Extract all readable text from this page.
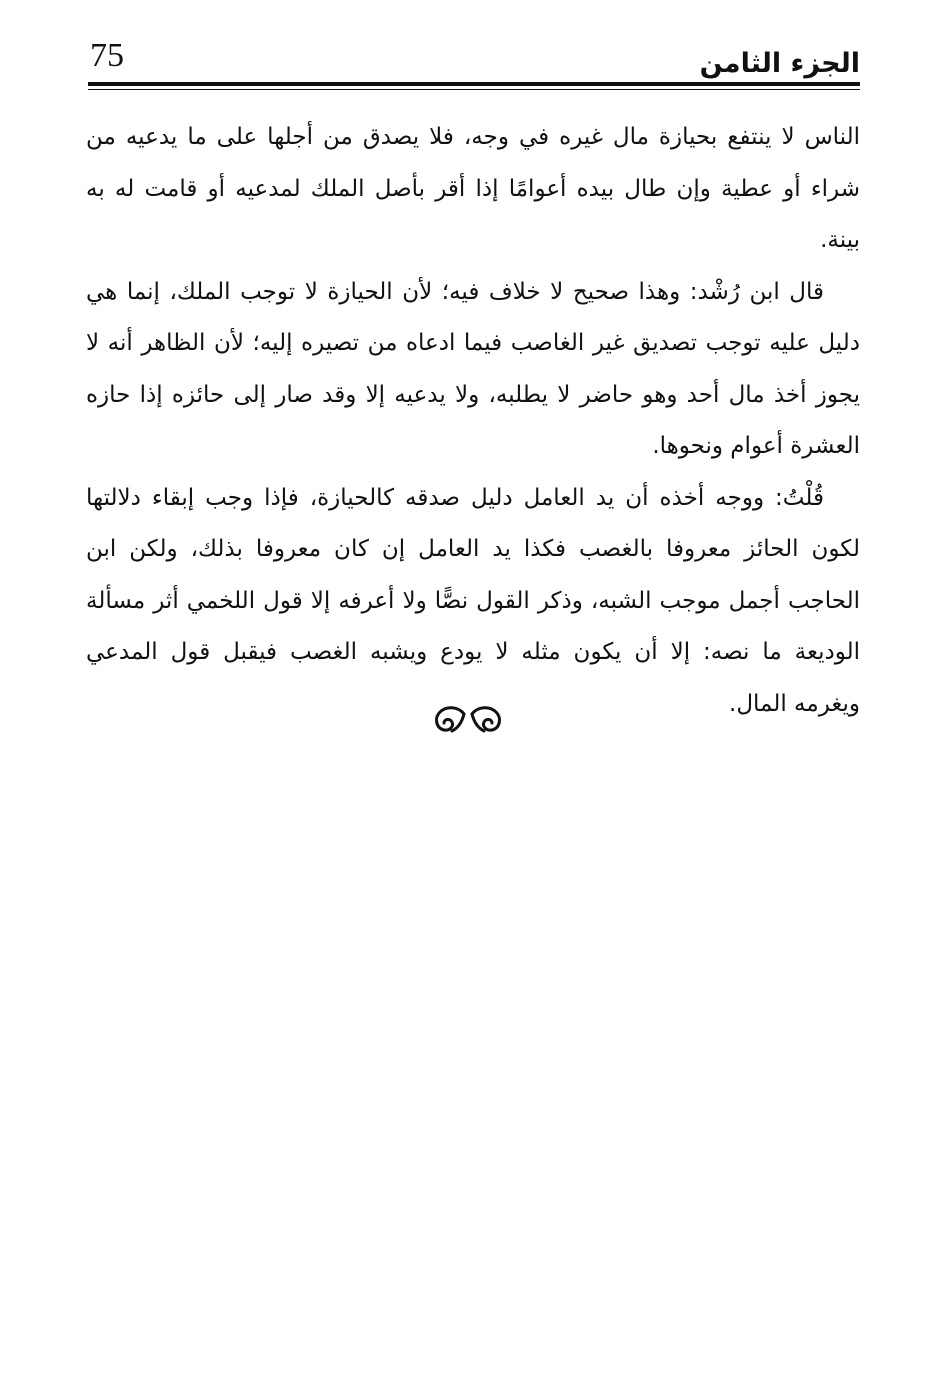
75	الجزء الثامن

الناس لا ينتفع بحيازة مال غيره في وجه، فلا يصدق من أجلها على ما يدعيه من شراء أو عطية وإن طال بيده أعوامًا إذا أقر بأصل الملك لمدعيه أو قامت له به بينة.

قال ابن رُشْد: وهذا صحيح لا خلاف فيه؛ لأن الحيازة لا توجب الملك، إنما هي دليل عليه توجب تصديق غير الغاصب فيما ادعاه من تصيره إليه؛ لأن الظاهر أنه لا يجوز أخذ مال أحد وهو حاضر لا يطلبه، ولا يدعيه إلا وقد صار إلى حائزه إذا حازه العشرة أعوام ونحوها.

قُلْتُ: ووجه أخذه أن يد العامل دليل صدقه كالحيازة، فإذا وجب إبقاء دلالتها لكون الحائز معروفا بالغصب فكذا يد العامل إن كان معروفا بذلك، ولكن ابن الحاجب أجمل موجب الشبه، وذكر القول نصًّا ولا أعرفه إلا قول اللخمي أثر مسألة الوديعة ما نصه: إلا أن يكون مثله لا يودع ويشبه الغصب فيقبل قول المدعي ويغرمه المال.
